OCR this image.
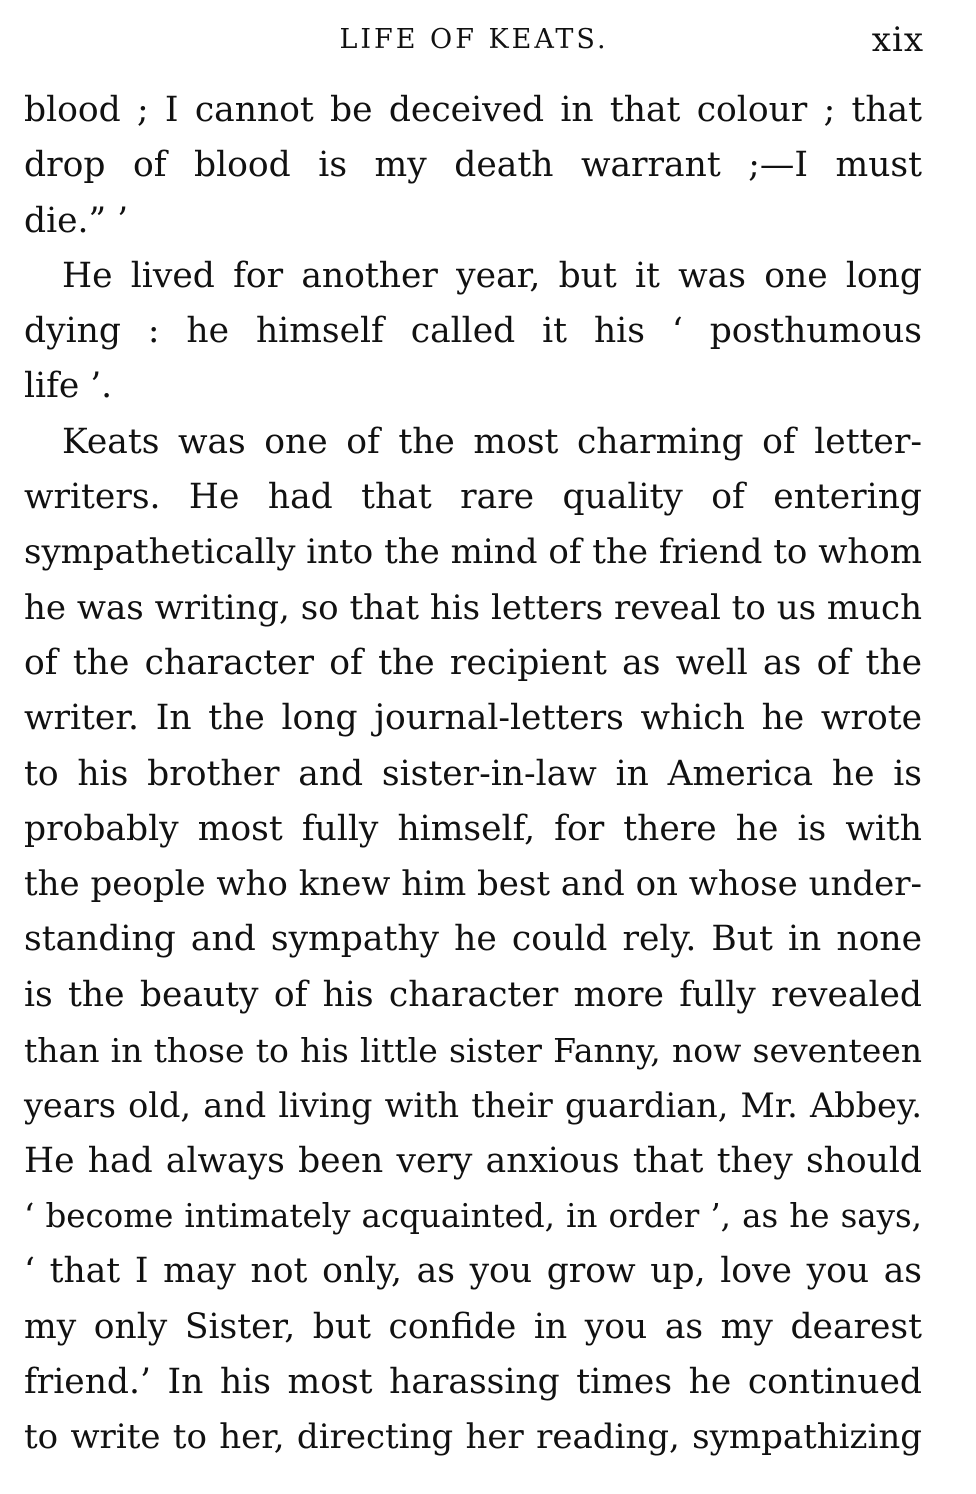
LIFE OF KEATS.	xix
blood ; I cannot be deceived in that colour ; that
drop of blood is my death warrant ;—I must
die.” ’
He lived for another year, but it was one long
dying : he himself called it his ‘ posthumous
life ’.
Keats was one of the most charming of letter-
writers. He had that rare quality of entering
sympathetically into the mind of the friend to whom
he was writing, so that his letters reveal to us much
of the character of the recipient as well as of the
writer. In the long journal-letters which he wrote
to his brother and sister-in-law in America he is
probably most fully himself, for there he is with
the people who knew him best and on whose under-
standing and sympathy he could rely. But in none
is the beauty of his character more fully revealed
than in those to his little sister Fanny, now seventeen
years old, and living with their guardian, Mr. Abbey.
He had always been very anxious that they should
‘ become intimately acquainted, in order ’, as he says,
‘ that I may not only, as you grow up, love you as
my only Sister, but confide in you as my dearest
friend.’ In his most harassing times he continued
to write to her, directing her reading, sympathizing
